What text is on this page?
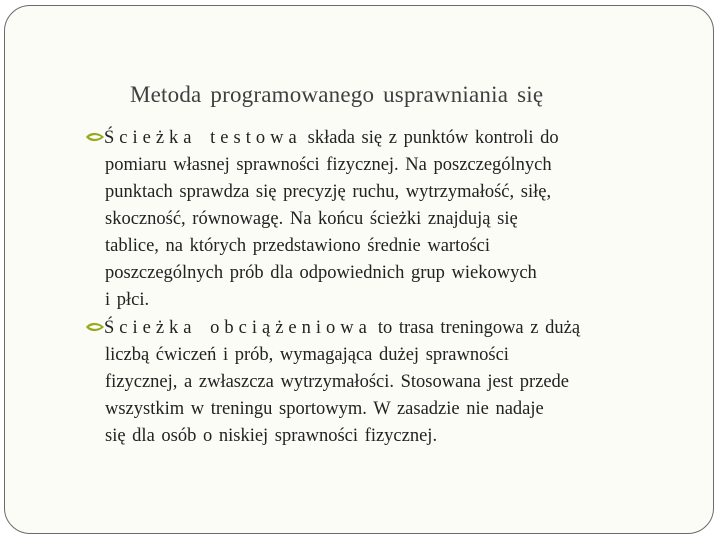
Metoda programowanego usprawniania się
Ścieżka testowa składa się z punktów kontroli do
pomiaru własnej sprawności fizycznej. Na poszczególnych
punktach sprawdza się precyzję ruchu, wytrzymałość, siłę,
skoczność, równowagę. Na końcu ścieżki znajdują się
tablice, na których przedstawiono średnie wartości
poszczególnych prób dla odpowiednich grup wiekowych
i płci.
Ścieżka obciążeniowa to trasa treningowa z dużą
liczbą ćwiczeń i prób, wymagająca dużej sprawności
fizycznej, a zwłaszcza wytrzymałości. Stosowana jest przede
wszystkim w treningu sportowym. W zasadzie nie nadaje
się dla osób o niskiej sprawności fizycznej.
